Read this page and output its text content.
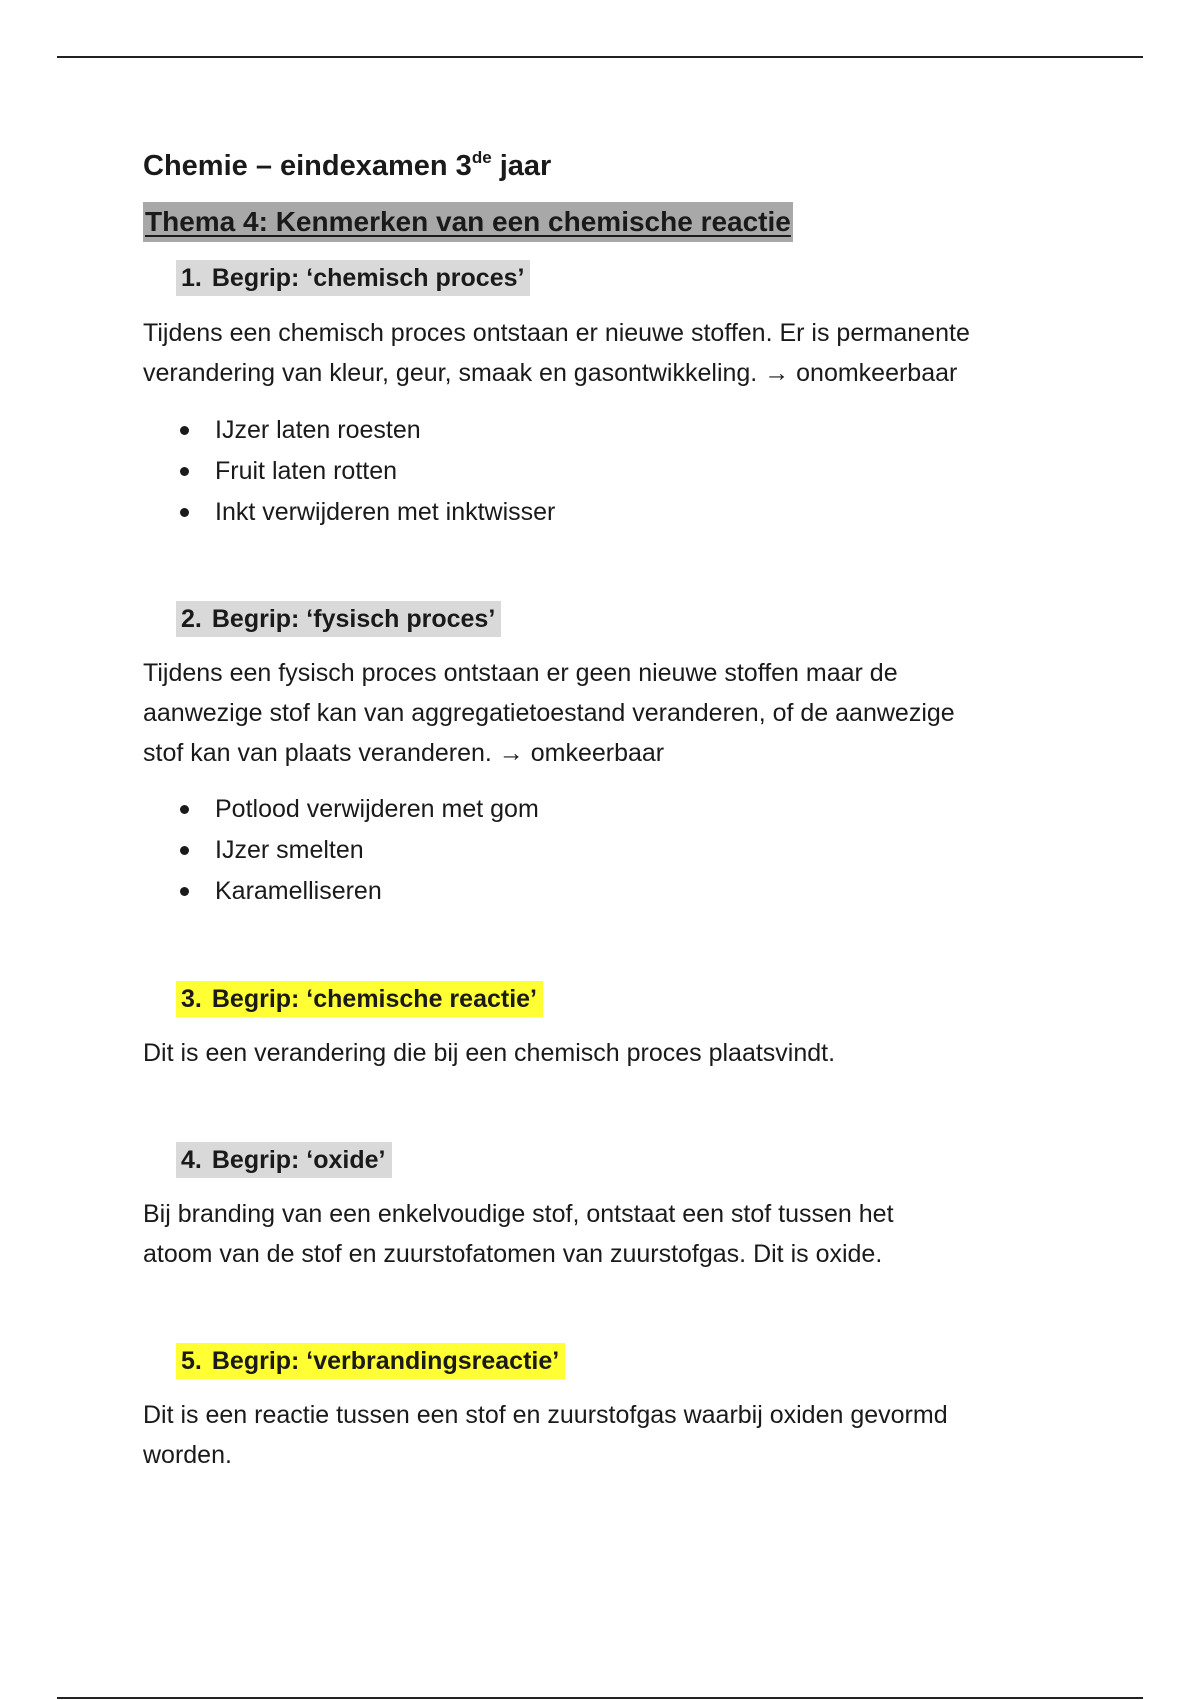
Chemie – eindexamen 3de jaar
Thema 4: Kenmerken van een chemische reactie
1. Begrip: ‘chemisch proces’

Tijdens een chemisch proces ontstaan er nieuwe stoffen. Er is permanente

verandering van kleur, geur, smaak en gasontwikkeling. → onomkeerbaar

IJzer laten roesten
Fruit laten rotten
Inkt verwijderen met inktwisser
2. Begrip: ‘fysisch proces’

Tijdens een fysisch proces ontstaan er geen nieuwe stoffen maar de

aanwezige stof kan van aggregatietoestand veranderen, of de aanwezige

stof kan van plaats veranderen. → omkeerbaar

Potlood verwijderen met gom
IJzer smelten
Karamelliseren
3. Begrip: ‘chemische reactie’

Dit is een verandering die bij een chemisch proces plaatsvindt.

4. Begrip: ‘oxide’

Bij branding van een enkelvoudige stof, ontstaat een stof tussen het

atoom van de stof en zuurstofatomen van zuurstofgas. Dit is oxide.

5. Begrip: ‘verbrandingsreactie’

Dit is een reactie tussen een stof en zuurstofgas waarbij oxiden gevormd

worden.
